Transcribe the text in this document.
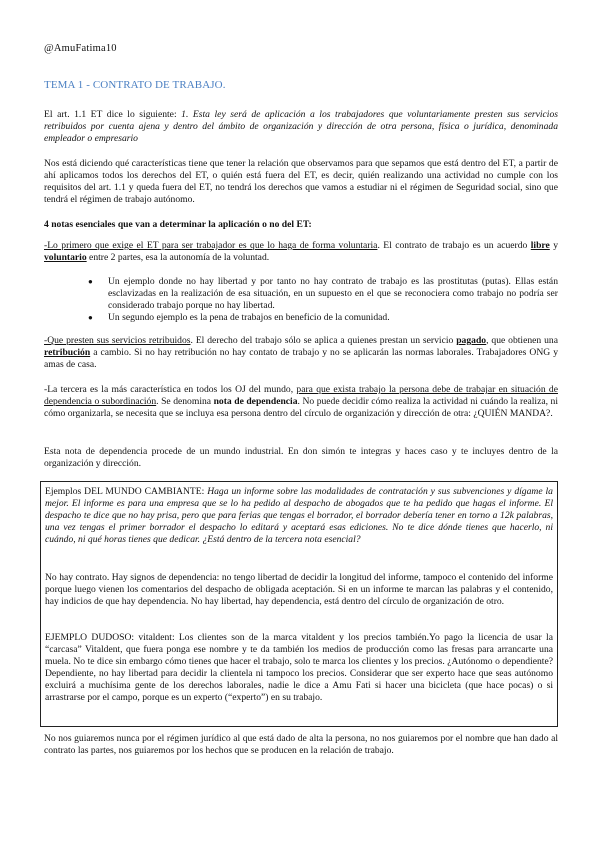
@AmuFatima10
TEMA 1 - CONTRATO DE TRABAJO.

El art. 1.1 ET dice lo siguiente: 1. Esta ley será de aplicación a los trabajadores que voluntariamente presten sus servicios retribuidos por cuenta ajena y dentro del ámbito de organización y dirección de otra persona, física o jurídica, denominada empleador o empresario

Nos está diciendo qué características tiene que tener la relación que observamos para que sepamos que está dentro del ET, a partir de ahí aplicamos todos los derechos del ET, o quién está fuera del ET, es decir, quién realizando una actividad no cumple con los requisitos del art. 1.1 y queda fuera del ET, no tendrá los derechos que vamos a estudiar ni el régimen de Seguridad social, sino que tendrá el régimen de trabajo autónomo.

4 notas esenciales que van a determinar la aplicación o no del ET:

-Lo primero que exige el ET para ser trabajador es que lo haga de forma voluntaria. El contrato de trabajo es un acuerdo libre y voluntario entre 2 partes, esa la autonomía de la voluntad.

● Un ejemplo donde no hay libertad y por tanto no hay contrato de trabajo es las prostitutas (putas). Ellas están esclavizadas en la realización de esa situación, en un supuesto en el que se reconociera como trabajo no podría ser considerado trabajo porque no hay libertad.
● Un segundo ejemplo es la pena de trabajos en beneficio de la comunidad.

-Que presten sus servicios retribuidos. El derecho del trabajo sólo se aplica a quienes prestan un servicio pagado, que obtienen una retribución a cambio. Si no hay retribución no hay contato de trabajo y no se aplicarán las normas laborales. Trabajadores ONG y amas de casa.

-La tercera es la más característica en todos los OJ del mundo, para que exista trabajo la persona debe de trabajar en situación de dependencia o subordinación. Se denomina nota de dependencia. No puede decidir cómo realiza la actividad ni cuándo la realiza, ni cómo organizarla, se necesita que se incluya esa persona dentro del círculo de organización y dirección de otra: ¿QUIÉN MANDA?.

Esta nota de dependencia procede de un mundo industrial. En don simón te integras y haces caso y te incluyes dentro de la organización y dirección.

Ejemplos DEL MUNDO CAMBIANTE: Haga un informe sobre las modalidades de contratación y sus subvenciones y dígame la mejor. El informe es para una empresa que se lo ha pedido al despacho de abogados que te ha pedido que hagas el informe. El despacho te dice que no hay prisa, pero que para ferias que tengas el borrador, el borrador debería tener en torno a 12k palabras, una vez tengas el primer borrador el despacho lo editará y aceptará esas ediciones. No te dice dónde tienes que hacerlo, ni cuándo, ni qué horas tienes que dedicar. ¿Está dentro de la tercera nota esencial?

No hay contrato. Hay signos de dependencia: no tengo libertad de decidir la longitud del informe, tampoco el contenido del informe porque luego vienen los comentarios del despacho de obligada aceptación. Si en un informe te marcan las palabras y el contenido, hay indicios de que hay dependencia. No hay libertad, hay dependencia, está dentro del círculo de organización de otro.

EJEMPLO DUDOSO: vitaldent: Los clientes son de la marca vitaldent y los precios también.Yo pago la licencia de usar la “carcasa” Vitaldent, que fuera ponga ese nombre y te da también los medios de producción como las fresas para arrancarte una muela. No te dice sin embargo cómo tienes que hacer el trabajo, solo te marca los clientes y los precios. ¿Autónomo o dependiente? Dependiente, no hay libertad para decidir la clientela ni tampoco los precios. Considerar que ser experto hace que seas autónomo excluirá a muchísima gente de los derechos laborales, nadie le dice a Amu Fati si hacer una bicicleta (que hace pocas) o si arrastrarse por el campo, porque es un experto (“experto”) en su trabajo.

No nos guiaremos nunca por el régimen jurídico al que está dado de alta la persona, no nos guiaremos por el nombre que han dado al contrato las partes, nos guiaremos por los hechos que se producen en la relación de trabajo.
